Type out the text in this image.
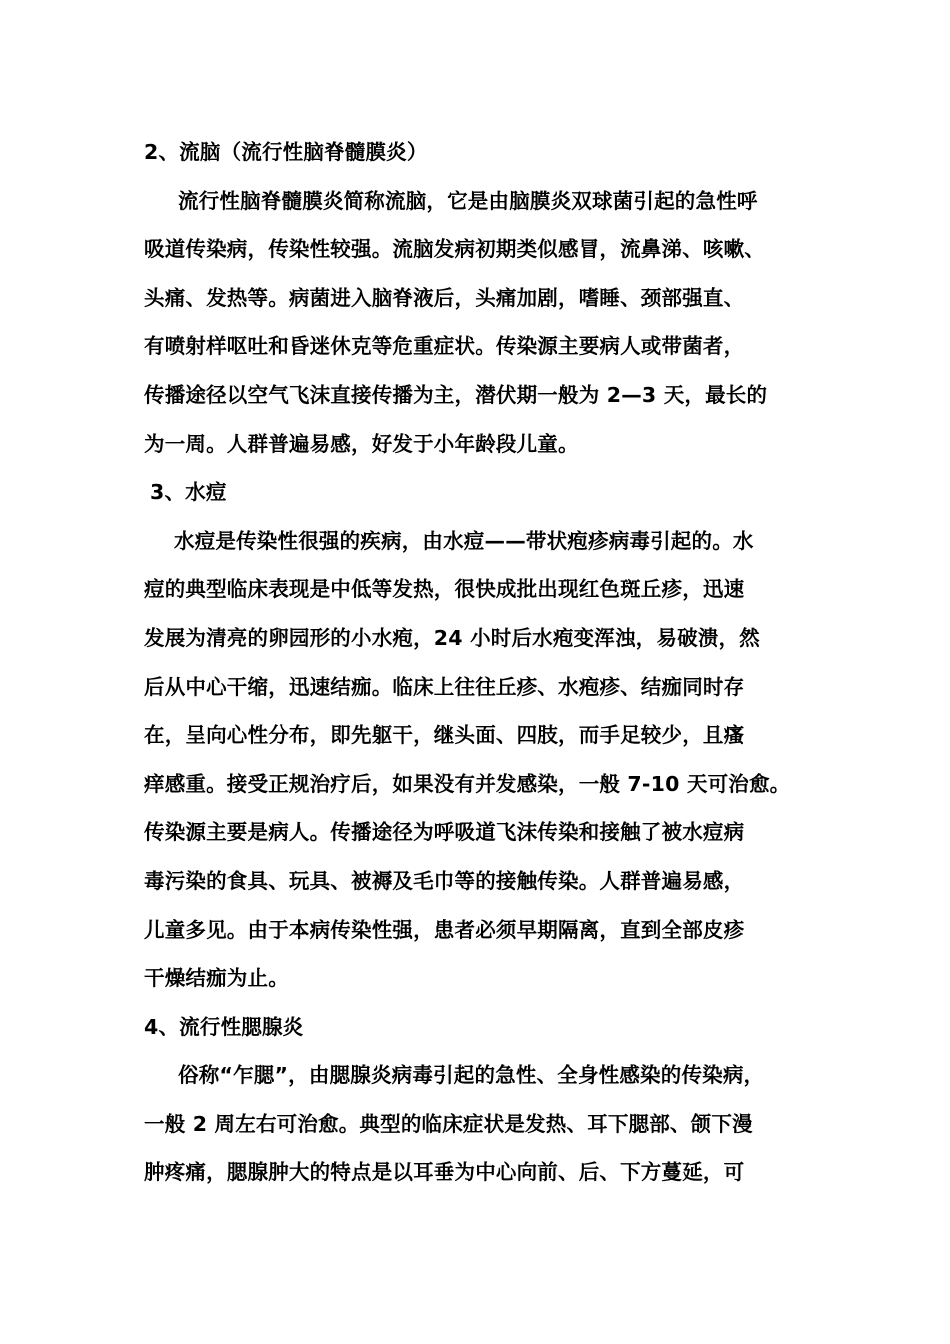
2、流脑（流行性脑脊髓膜炎）
流行性脑脊髓膜炎简称流脑，它是由脑膜炎双球菌引起的急性呼
吸道传染病，传染性较强。流脑发病初期类似感冒，流鼻涕、咳嗽、
头痛、发热等。病菌进入脑脊液后，头痛加剧，嗜睡、颈部强直、
有喷射样呕吐和昏迷休克等危重症状。传染源主要病人或带菌者，
传播途径以空气飞沫直接传播为主，潜伏期一般为 2—3 天，最长的
为一周。人群普遍易感，好发于小年龄段儿童。
3、水痘
水痘是传染性很强的疾病，由水痘——带状疱疹病毒引起的。水
痘的典型临床表现是中低等发热，很快成批出现红色斑丘疹，迅速
发展为清亮的卵园形的小水疱，24 小时后水疱变浑浊，易破溃，然
后从中心干缩，迅速结痂。临床上往往丘疹、水疱疹、结痂同时存
在，呈向心性分布，即先躯干，继头面、四肢，而手足较少，且瘙
痒感重。接受正规治疗后，如果没有并发感染，一般 7-10 天可治愈。
传染源主要是病人。传播途径为呼吸道飞沫传染和接触了被水痘病
毒污染的食具、玩具、被褥及毛巾等的接触传染。人群普遍易感，
儿童多见。由于本病传染性强，患者必须早期隔离，直到全部皮疹
干燥结痂为止。
4、流行性腮腺炎
俗称“乍腮”，由腮腺炎病毒引起的急性、全身性感染的传染病，
一般 2 周左右可治愈。典型的临床症状是发热、耳下腮部、颌下漫
肿疼痛，腮腺肿大的特点是以耳垂为中心向前、后、下方蔓延，可
